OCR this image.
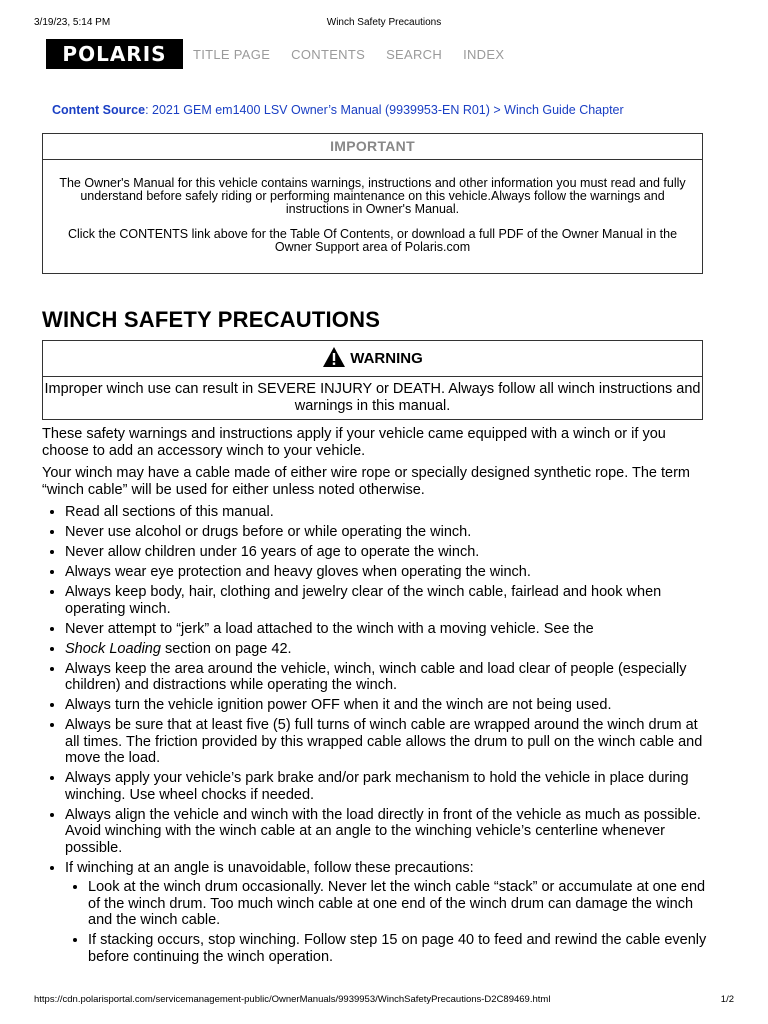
3/19/23, 5:14 PM	Winch Safety Precautions
POLARIS TITLE PAGE CONTENTS SEARCH INDEX
Content Source: 2021 GEM em1400 LSV Owner’s Manual (9939953-EN R01) > Winch Guide Chapter
IMPORTANT

The Owner's Manual for this vehicle contains warnings, instructions and other information you must read and fully understand before safely riding or performing maintenance on this vehicle.Always follow the warnings and instructions in Owner's Manual.

Click the CONTENTS link above for the Table Of Contents, or download a full PDF of the Owner Manual in the Owner Support area of Polaris.com

WINCH SAFETY PRECAUTIONS
WARNING
Improper winch use can result in SEVERE INJURY or DEATH. Always follow all winch instructions and warnings in this manual.

These safety warnings and instructions apply if your vehicle came equipped with a winch or if you choose to add an accessory winch to your vehicle.

Your winch may have a cable made of either wire rope or specially designed synthetic rope. The term “winch cable” will be used for either unless noted otherwise.

• Read all sections of this manual.
• Never use alcohol or drugs before or while operating the winch.
• Never allow children under 16 years of age to operate the winch.
• Always wear eye protection and heavy gloves when operating the winch.
• Always keep body, hair, clothing and jewelry clear of the winch cable, fairlead and hook when operating winch.
• Never attempt to “jerk” a load attached to the winch with a moving vehicle. See the
• Shock Loading section on page 42.
• Always keep the area around the vehicle, winch, winch cable and load clear of people (especially children) and distractions while operating the winch.
• Always turn the vehicle ignition power OFF when it and the winch are not being used.
• Always be sure that at least five (5) full turns of winch cable are wrapped around the winch drum at all times. The friction provided by this wrapped cable allows the drum to pull on the winch cable and move the load.
• Always apply your vehicle’s park brake and/or park mechanism to hold the vehicle in place during winching. Use wheel chocks if needed.
• Always align the vehicle and winch with the load directly in front of the vehicle as much as possible. Avoid winching with the winch cable at an angle to the winching vehicle’s centerline whenever possible.
• If winching at an angle is unavoidable, follow these precautions:
• Look at the winch drum occasionally. Never let the winch cable “stack” or accumulate at one end of the winch drum. Too much winch cable at one end of the winch drum can damage the winch and the winch cable.
• If stacking occurs, stop winching. Follow step 15 on page 40 to feed and rewind the cable evenly before continuing the winch operation.
https://cdn.polarisportal.com/servicemanagement-public/OwnerManuals/9939953/WinchSafetyPrecautions-D2C89469.html	1/2
